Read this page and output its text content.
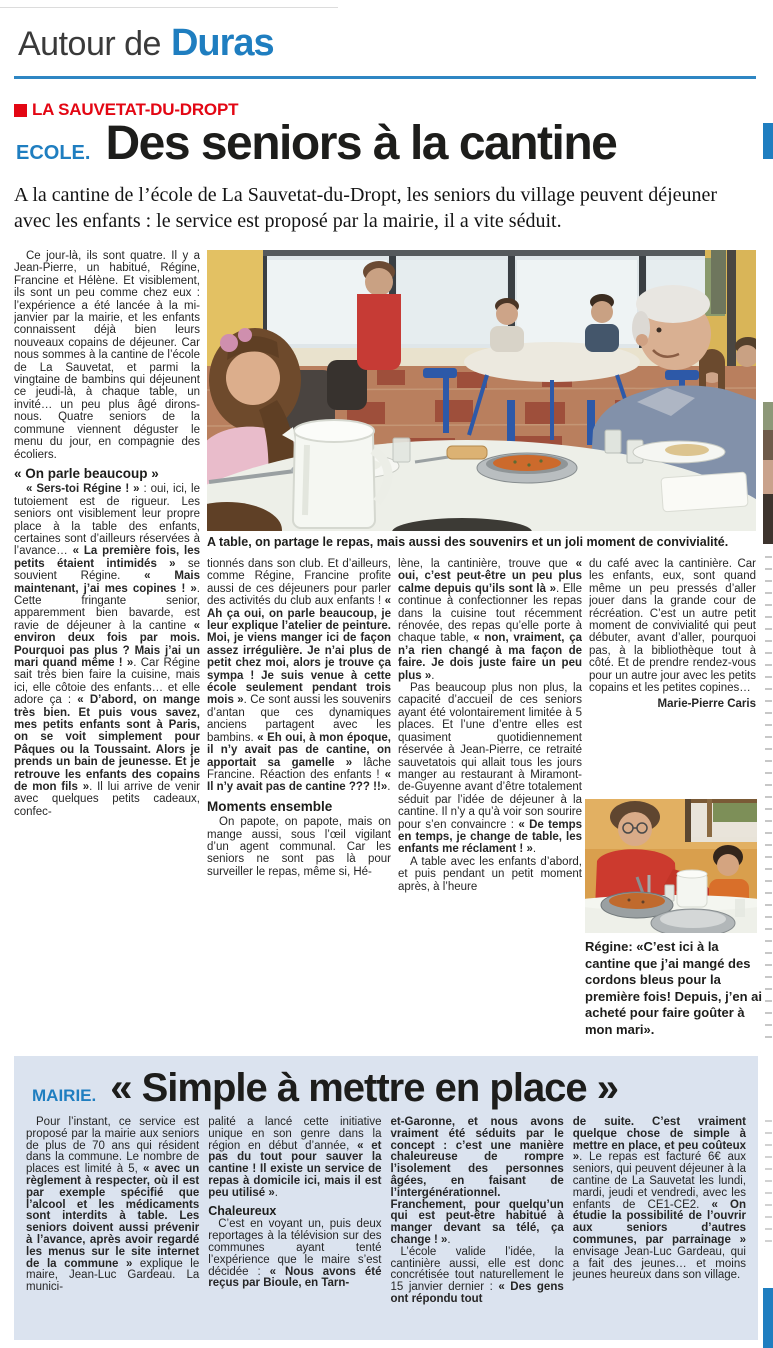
Autour de Duras
LA SAUVETAT-DU-DROPT
ECOLE. Des seniors à la cantine

A la cantine de l’école de La Sauvetat-du-Dropt, les seniors du village peuvent déjeuner avec les enfants : le service est proposé par la mairie, il a vite séduit.

Ce jour-là, ils sont quatre. Il y a Jean-Pierre, un habitué, Régine, Francine et Hélène. Et visiblement, ils sont un peu comme chez eux : l’expérience a été lancée à la mi-janvier par la mairie, et les enfants connaissent déjà bien leurs nouveaux copains de déjeuner. Car nous sommes à la cantine de l’école de La Sauvetat, et parmi la vingtaine de bambins qui déjeunent ce jeudi-là, à chaque table, un invité… un peu plus âgé dirons-nous. Quatre seniors de la commune viennent déguster le menu du jour, en compagnie des écoliers.

« On parle beaucoup »

« Sers-toi Régine ! » : oui, ici, le tutoiement est de rigueur. Les seniors ont visiblement leur propre place à la table des enfants, certaines sont d’ailleurs réservées à l’avance… « La première fois, les petits étaient intimidés » se souvient Régine. « Mais maintenant, j’ai mes copines ! ». Cette fringante senior, apparemment bien bavarde, est ravie de déjeuner à la cantine « environ deux fois par mois. Pourquoi pas plus ? Mais j’ai un mari quand même ! ». Car Régine sait très bien faire la cuisine, mais ici, elle côtoie des enfants… et elle adore ça : « D’abord, on mange très bien. Et puis vous savez, mes petits enfants sont à Paris, on se voit simplement pour Pâques ou la Toussaint. Alors je prends un bain de jeunesse. Et je retrouve les enfants des copains de mon fils ». Il lui arrive de venir avec quelques petits cadeaux, confec-

A table, on partage le repas, mais aussi des souvenirs et un joli moment de convivialité.

tionnés dans son club. Et d’ailleurs, comme Régine, Francine profite aussi de ces déjeuners pour parler des activités du club aux enfants ! « Ah ça oui, on parle beaucoup, je leur explique l’atelier de peinture. Moi, je viens manger ici de façon assez irrégulière. Je n’ai plus de petit chez moi, alors je trouve ça sympa ! Je suis venue à cette école seulement pendant trois mois ». Ce sont aussi les souvenirs d’antan que ces dynamiques anciens partagent avec les bambins. « Eh oui, à mon époque, il n’y avait pas de cantine, on apportait sa gamelle » lâche Francine. Réaction des enfants ! « Il n’y avait pas de cantine ??? !!».

Moments ensemble

On papote, on papote, mais on mange aussi, sous l’œil vigilant d’un agent communal. Car les seniors ne sont pas là pour surveiller le repas, même si, Hé-

lène, la cantinière, trouve que « oui, c’est peut-être un peu plus calme depuis qu’ils sont là ». Elle continue à confectionner les repas dans la cuisine tout récemment rénovée, des repas qu’elle porte à chaque table, « non, vraiment, ça n’a rien changé à ma façon de faire. Je dois juste faire un peu plus ».

Pas beaucoup plus non plus, la capacité d’accueil de ces seniors ayant été volontairement limitée à 5 places. Et l’une d’entre elles est quasiment quotidiennement réservée à Jean-Pierre, ce retraité sauvetatois qui allait tous les jours manger au restaurant à Miramont-de-Guyenne avant d’être totalement séduit par l’idée de déjeuner à la cantine. Il n’y a qu’à voir son sourire pour s’en convaincre : « De temps en temps, je change de table, les enfants me réclament ! ».

A table avec les enfants d’abord, et puis pendant un petit moment après, à l’heure

du café avec la cantinière. Car les enfants, eux, sont quand même un peu pressés d’aller jouer dans la grande cour de récréation. C’est un autre petit moment de convivialité qui peut débuter, avant d’aller, pourquoi pas, à la bibliothèque tout à côté. Et de prendre rendez-vous pour un autre jour avec les petits copains et les petites copines…

Marie-Pierre Caris

Régine: «C’est ici à la cantine que j’ai mangé des cordons bleus pour la première fois! Depuis, j’en ai acheté pour faire goûter à mon mari».
MAIRIE. « Simple à mettre en place »

Pour l’instant, ce service est proposé par la mairie aux seniors de plus de 70 ans qui résident dans la commune. Le nombre de places est limité à 5, « avec un règlement à respecter, où il est par exemple spécifié que l’alcool et les médicaments sont interdits à table. Les seniors doivent aussi prévenir à l’avance, après avoir regardé les menus sur le site internet de la commune » explique le maire, Jean-Luc Gardeau. La munici-

palité a lancé cette initiative unique en son genre dans la région en début d’année, « et pas du tout pour sauver la cantine ! Il existe un service de repas à domicile ici, mais il est peu utilisé ».

Chaleureux

C’est en voyant un, puis deux reportages à la télévision sur des communes ayant tenté l’expérience que le maire s’est décidée : « Nous avons été reçus par Bioule, en Tarn-

et-Garonne, et nous avons vraiment été séduits par le concept : c’est une manière chaleureuse de rompre l’isolement des personnes âgées, en faisant de l’intergénérationnel. Franchement, pour quelqu’un qui est peut-être habitué à manger devant sa télé, ça change ! ».

L’école valide l’idée, la cantinière aussi, elle est donc concrétisée tout naturellement le 15 janvier dernier : « Des gens ont répondu tout

de suite. C’est vraiment quelque chose de simple à mettre en place, et peu coûteux ». Le repas est facturé 6€ aux seniors, qui peuvent déjeuner à la cantine de La Sauvetat les lundi, mardi, jeudi et vendredi, avec les enfants de CE1-CE2. « On étudie la possibilité de l’ouvrir aux seniors d’autres communes, par parrainage » envisage Jean-Luc Gardeau, qui a fait des jeunes… et moins jeunes heureux dans son village.
